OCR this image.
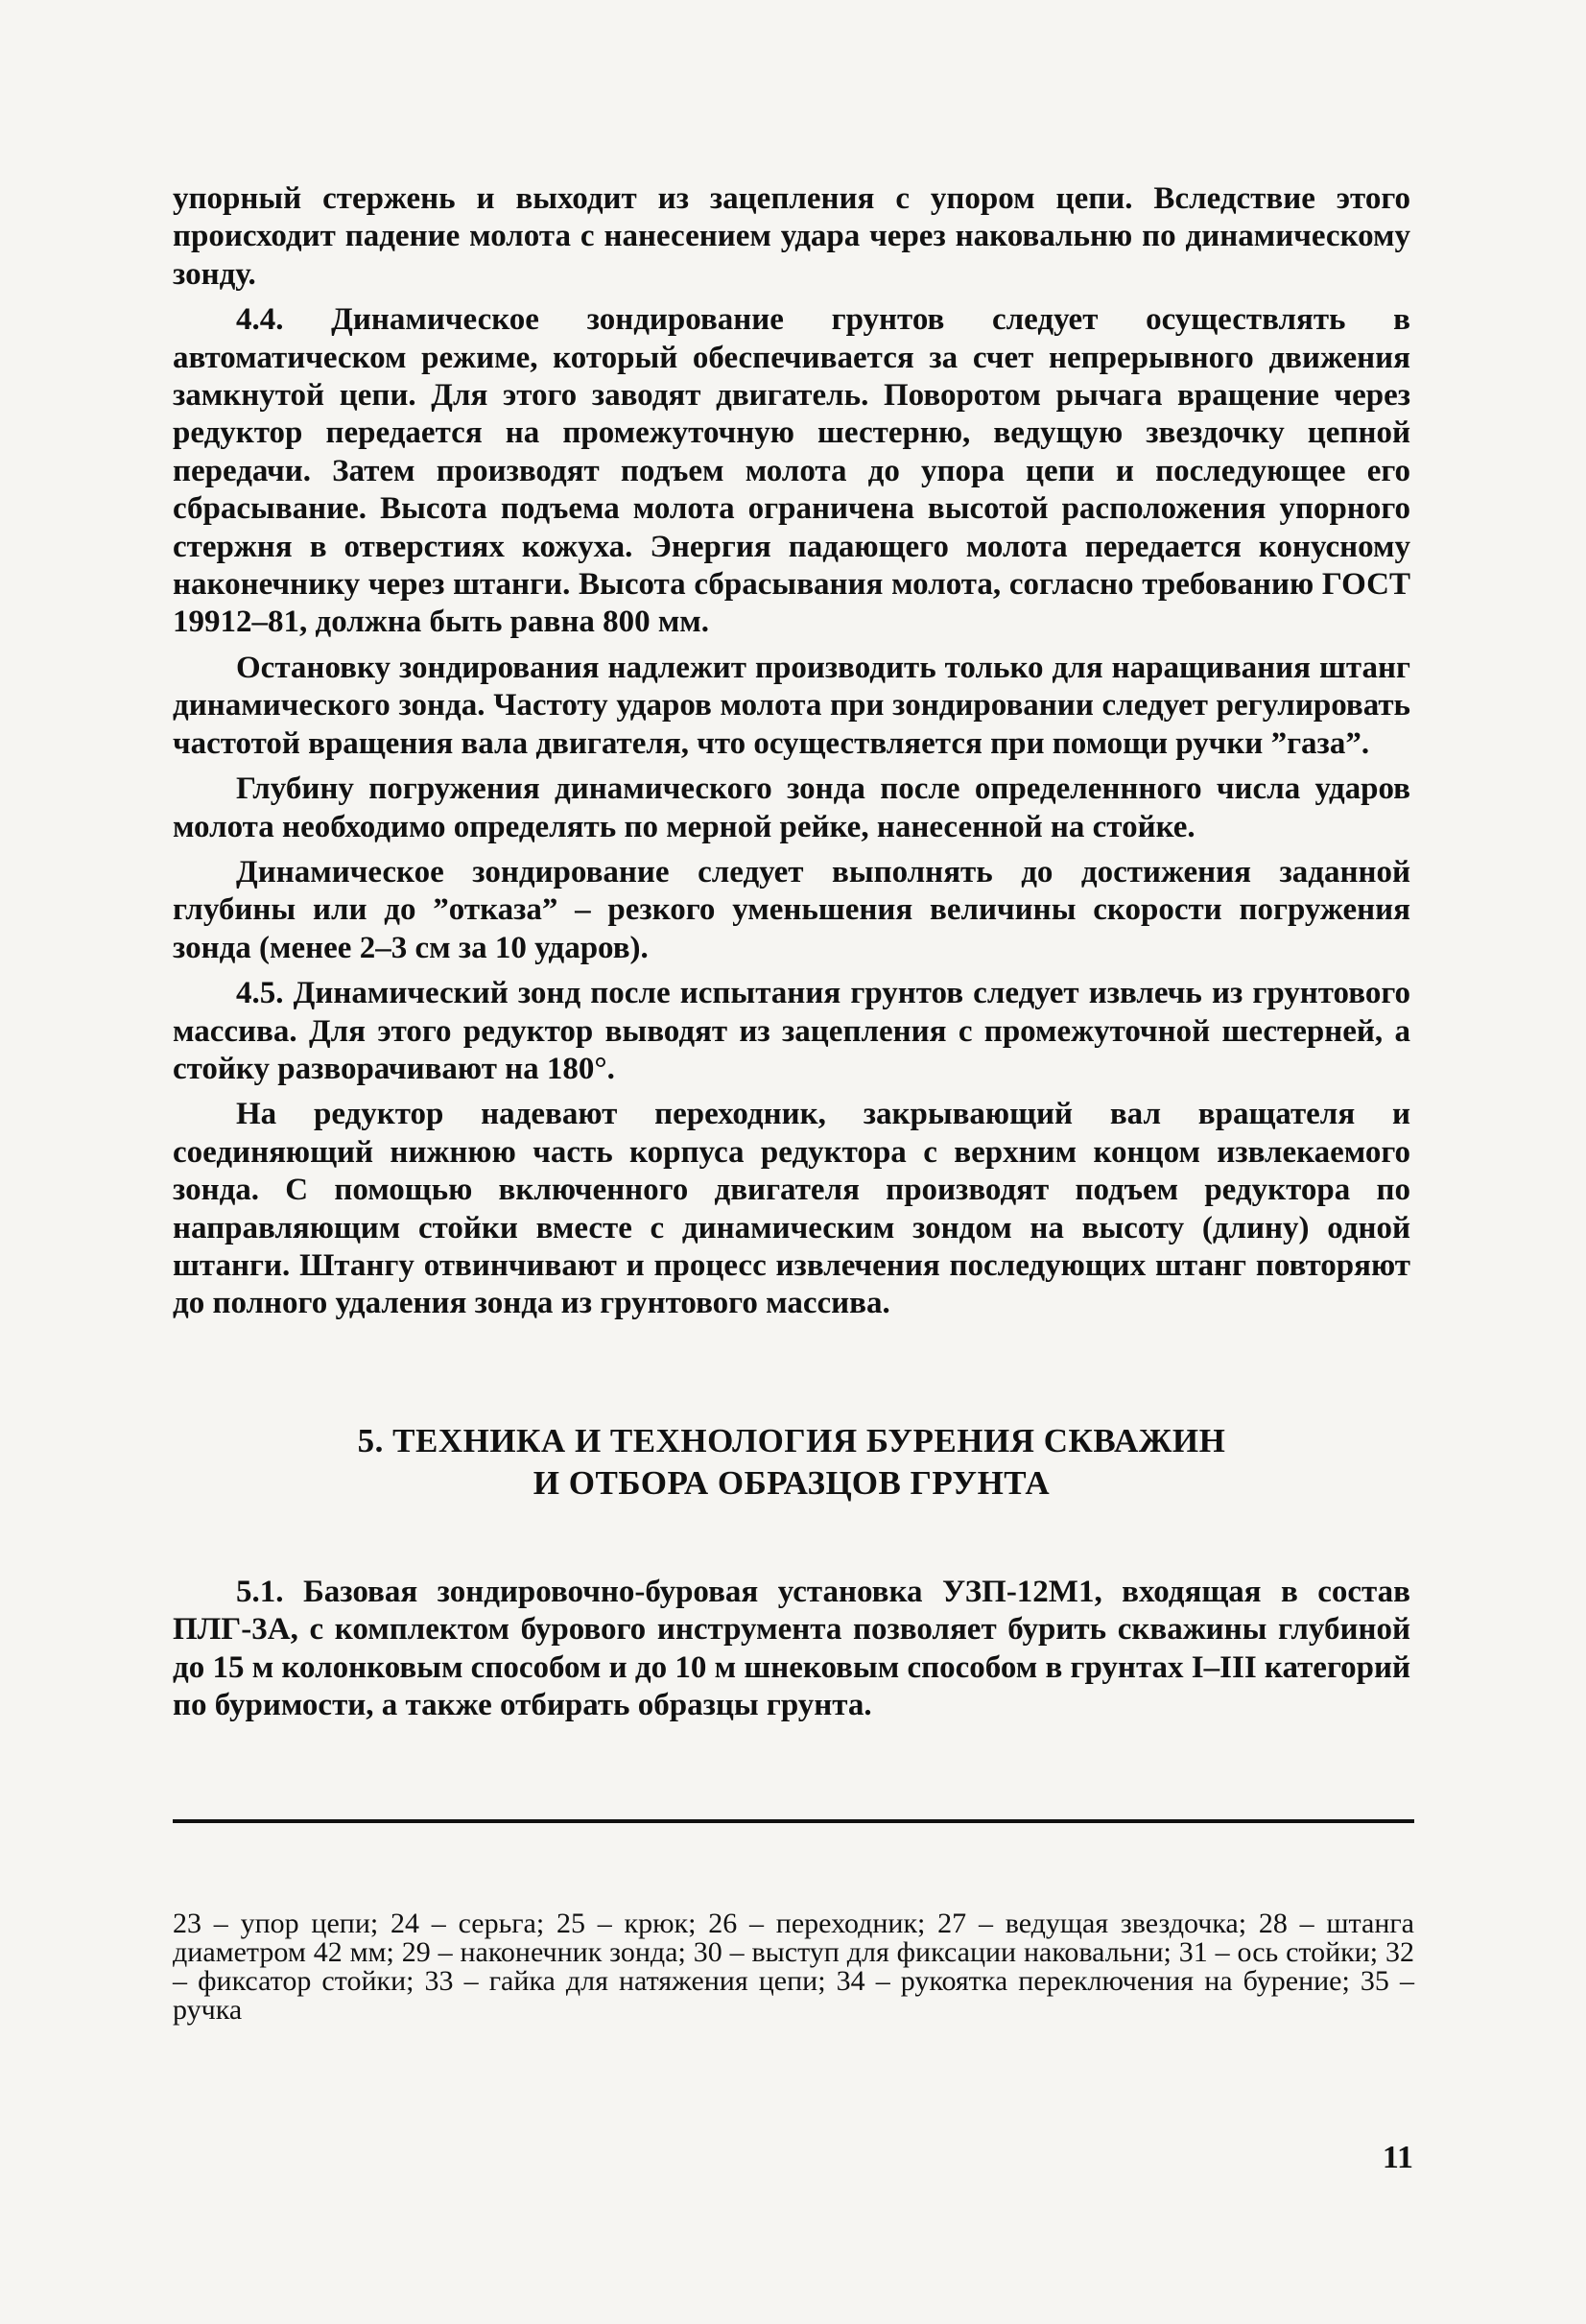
упорный стержень и выходит из зацепления с упором цепи. Вследствие этого происходит падение молота с нанесением удара через наковальню по динамическому зонду.

4.4. Динамическое зондирование грунтов следует осуществлять в автоматическом режиме, который обеспечивается за счет непрерывного движения замкнутой цепи. Для этого заводят двигатель. Поворотом рычага вращение через редуктор передается на промежуточную шестерню, ведущую звездочку цепной передачи. Затем производят подъем молота до упора цепи и последующее его сбрасывание. Высота подъема молота ограничена высотой расположения упорного стержня в отверстиях кожуха. Энергия падающего молота передается конусному наконечнику через штанги. Высота сбрасывания молота, согласно требованию ГОСТ 19912–81, должна быть равна 800 мм.

Остановку зондирования надлежит производить только для наращивания штанг динамического зонда. Частоту ударов молота при зондировании следует регулировать частотой вращения вала двигателя, что осуществляется при помощи ручки ”газа”.

Глубину погружения динамического зонда после определеннного числа ударов молота необходимо определять по мерной рейке, нанесенной на стойке.

Динамическое зондирование следует выполнять до достижения заданной глубины или до ”отказа” – резкого уменьшения величины скорости погружения зонда (менее 2–3 см за 10 ударов).

4.5. Динамический зонд после испытания грунтов следует извлечь из грунтового массива. Для этого редуктор выводят из зацепления с промежуточной шестерней, а стойку разворачивают на 180°.

На редуктор надевают переходник, закрывающий вал вращателя и соединяющий нижнюю часть корпуса редуктора с верхним концом извлекаемого зонда. С помощью включенного двигателя производят подъем редуктора по направляющим стойки вместе с динамическим зондом на высоту (длину) одной штанги. Штангу отвинчивают и процесс извлечения последующих штанг повторяют до полного удаления зонда из грунтового массива.

5. ТЕХНИКА И ТЕХНОЛОГИЯ БУРЕНИЯ СКВАЖИН
И ОТБОРА ОБРАЗЦОВ ГРУНТА

5.1. Базовая зондировочно-буровая установка УЗП-12М1, входящая в состав ПЛГ-3А, с комплектом бурового инструмента позволяет бурить скважины глубиной до 15 м колонковым способом и до 10 м шнековым способом в грунтах I–III категорий по буримости, а также отбирать образцы грунта.

23 – упор цепи; 24 – серьга; 25 – крюк; 26 – переходник; 27 – ведущая звездочка; 28 – штанга диаметром 42 мм; 29 – наконечник зонда; 30 – выступ для фиксации наковальни; 31 – ось стойки; 32 – фиксатор стойки; 33 – гайка для натяжения цепи; 34 – рукоятка переключения на бурение; 35 – ручка

11
